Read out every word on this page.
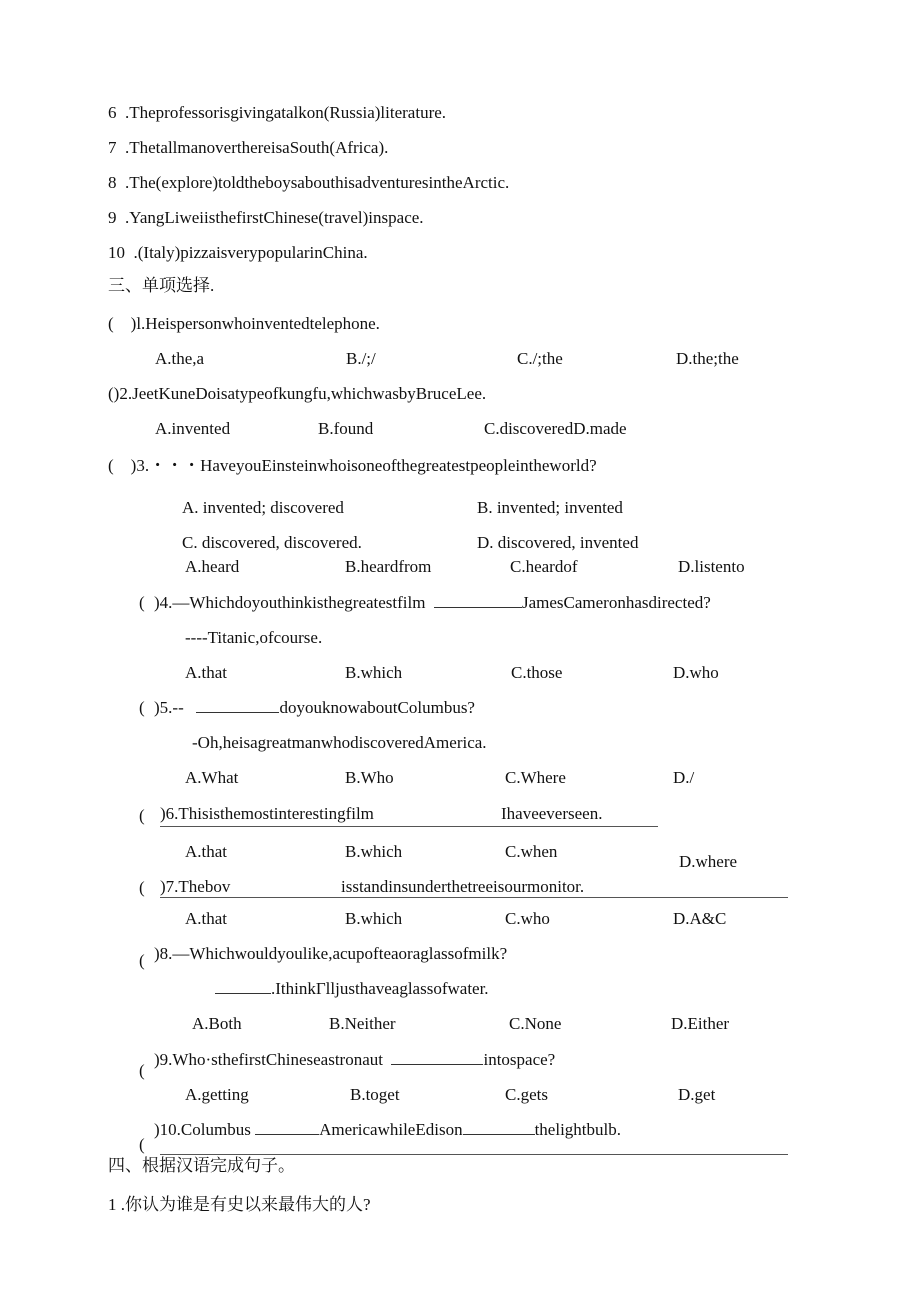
6 .Theprofessorisgivingatalkon(Russia)literature.
7 .ThetallmanoverthereisaSouth(Africa).
8 .The(explore)toldtheboysabouthisadventuresintheArctic.
9 .YangLiweiisthefirstChinese(travel)inspace.
10 .(Italy)pizzaisverypopularinChina.
三、单项选择.
( )l.Heispersonwhoinventedtelephone.
A.the,a	B./;/	C./;the	D.the;the
()2.JeetKuneDoisatypeofkungfu,whichwasbyBruceLee.
A.invented	B.found	C.discoveredD.made
( )3.・・・HaveyouEinsteinwhoisoneofthegreatestpeopleintheworld?
A. invented; discovered	B. invented; invented
C. discovered, discovered.	D. discovered, invented
A.heard	B.heardfrom	C.heardof	D.listento
( )4.—Whichdoyouthinkisthegreatestfilm	JamesCameronhasdirected?
----Titanic,ofcourse.
A.that	B.which	C.those	D.who
( )5.--	doyouknowaboutColumbus?
-Oh,heisagreatmanwhodiscoveredAmerica.
A.What	B.Who	C.Where	D./
( )6.Thisisthemostinterestingfilm	Ihaveeverseen.
A.that	B.which	C.when
D.where
( )7.Thebov	isstandinsunderthetreeisourmonitor.
A.that	B.which	C.who	D.A&C
( )8.—Whichwouldyoulike,acupofteaoraglassofmilk?
.IthinkΓlljusthaveaglassofwater.
A.Both	B.Neither	C.None	D.Either
(
)9.Who·sthefirstChineseastronaut	intospace?
A.getting	B.toget	C.gets	D.get
(
)10.Columbus	AmericawhileEdison	thelightbulb.
四、根据汉语完成句子。
1 .你认为谁是有史以来最伟大的人?
